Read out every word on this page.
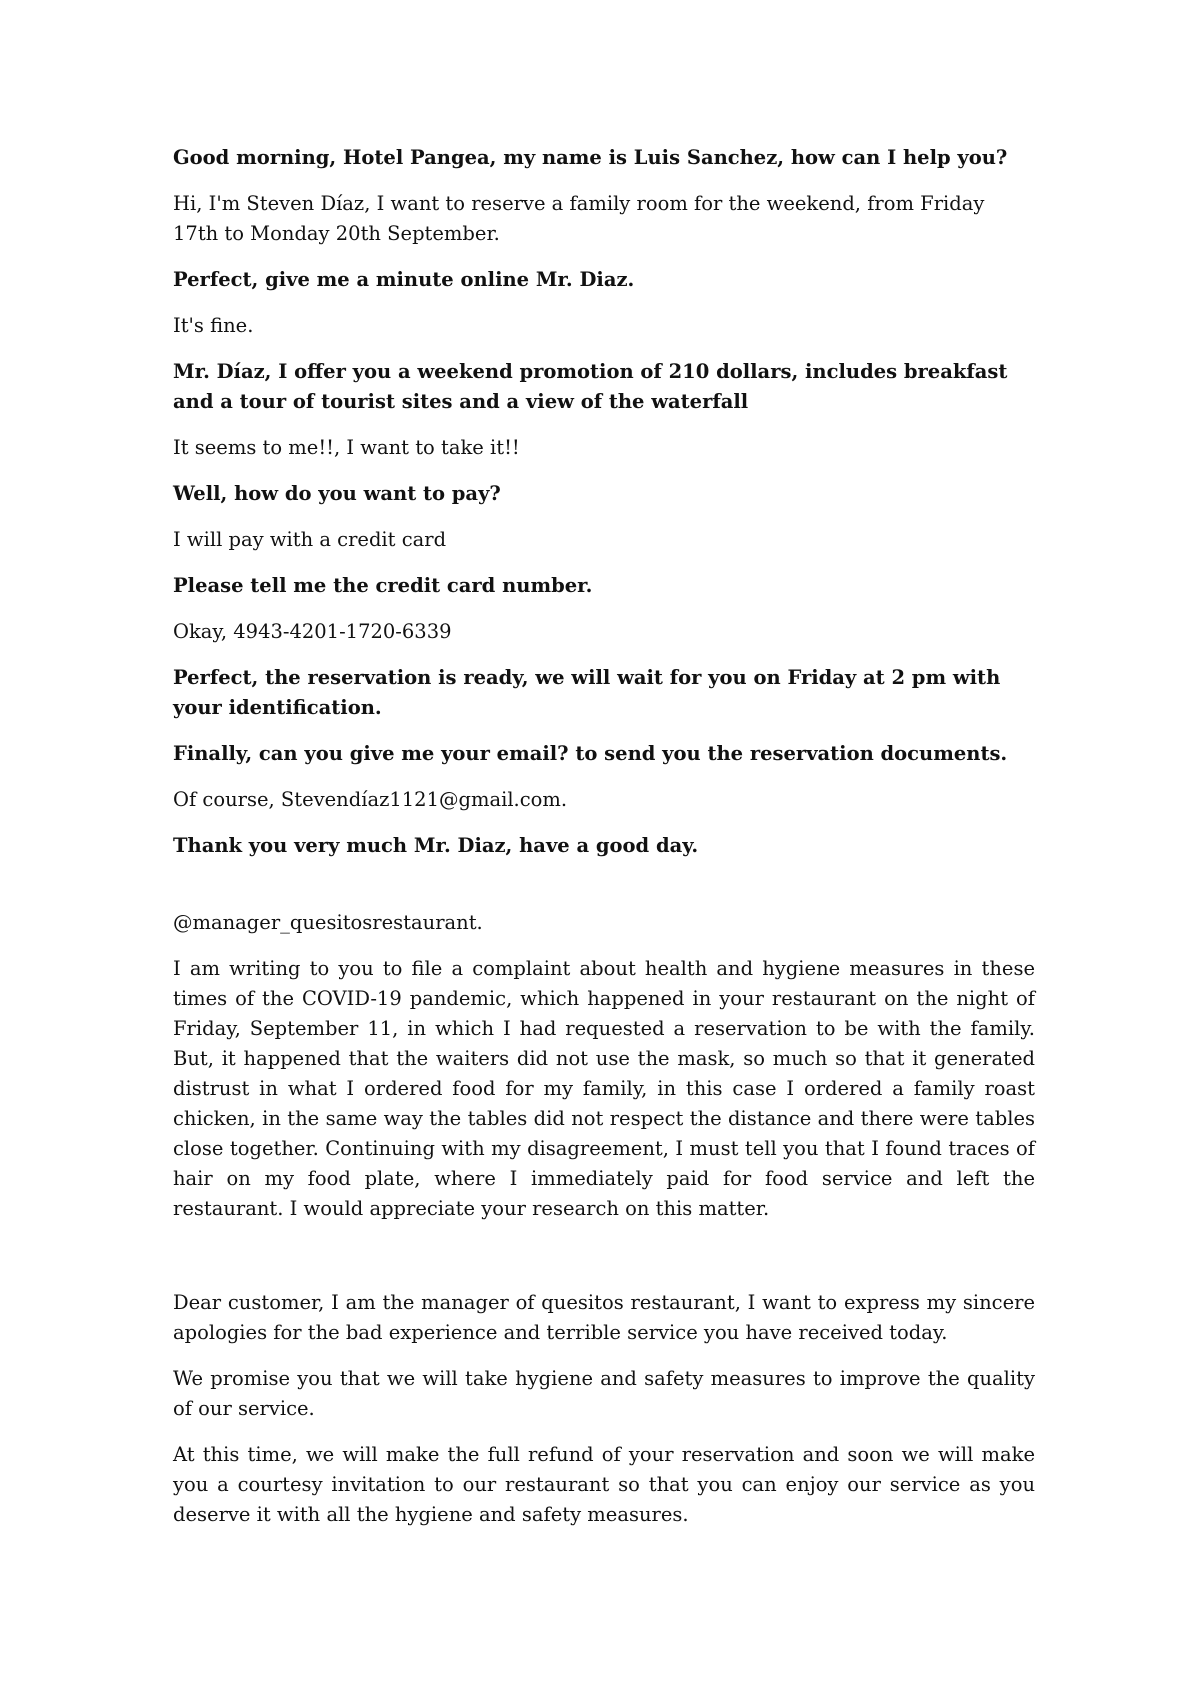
Good morning, Hotel Pangea, my name is Luis Sanchez, how can I help you?

Hi, I'm Steven Díaz, I want to reserve a family room for the weekend, from Friday 17th to Monday 20th September.

Perfect, give me a minute online Mr. Diaz.

It's fine.

Mr. Díaz, I offer you a weekend promotion of 210 dollars, includes breakfast and a tour of tourist sites and a view of the waterfall

It seems to me!!, I want to take it!!

Well, how do you want to pay?

I will pay with a credit card

Please tell me the credit card number.

Okay, 4943-4201-1720-6339

Perfect, the reservation is ready, we will wait for you on Friday at 2 pm with your identification.

Finally, can you give me your email? to send you the reservation documents.

Of course, Stevendíaz1121@gmail.com.

Thank you very much Mr. Diaz, have a good day.

@manager_quesitosrestaurant.

I am writing to you to file a complaint about health and hygiene measures in these times of the COVID-19 pandemic, which happened in your restaurant on the night of Friday, September 11, in which I had requested a reservation to be with the family. But, it happened that the waiters did not use the mask, so much so that it generated distrust in what I ordered food for my family, in this case I ordered a family roast chicken, in the same way the tables did not respect the distance and there were tables close together. Continuing with my disagreement, I must tell you that I found traces of hair on my food plate, where I immediately paid for food service and left the restaurant. I would appreciate your research on this matter.

Dear customer, I am the manager of quesitos restaurant, I want to express my sincere apologies for the bad experience and terrible service you have received today.

We promise you that we will take hygiene and safety measures to improve the quality of our service.

At this time, we will make the full refund of your reservation and soon we will make you a courtesy invitation to our restaurant so that you can enjoy our service as you deserve it with all the hygiene and safety measures.
